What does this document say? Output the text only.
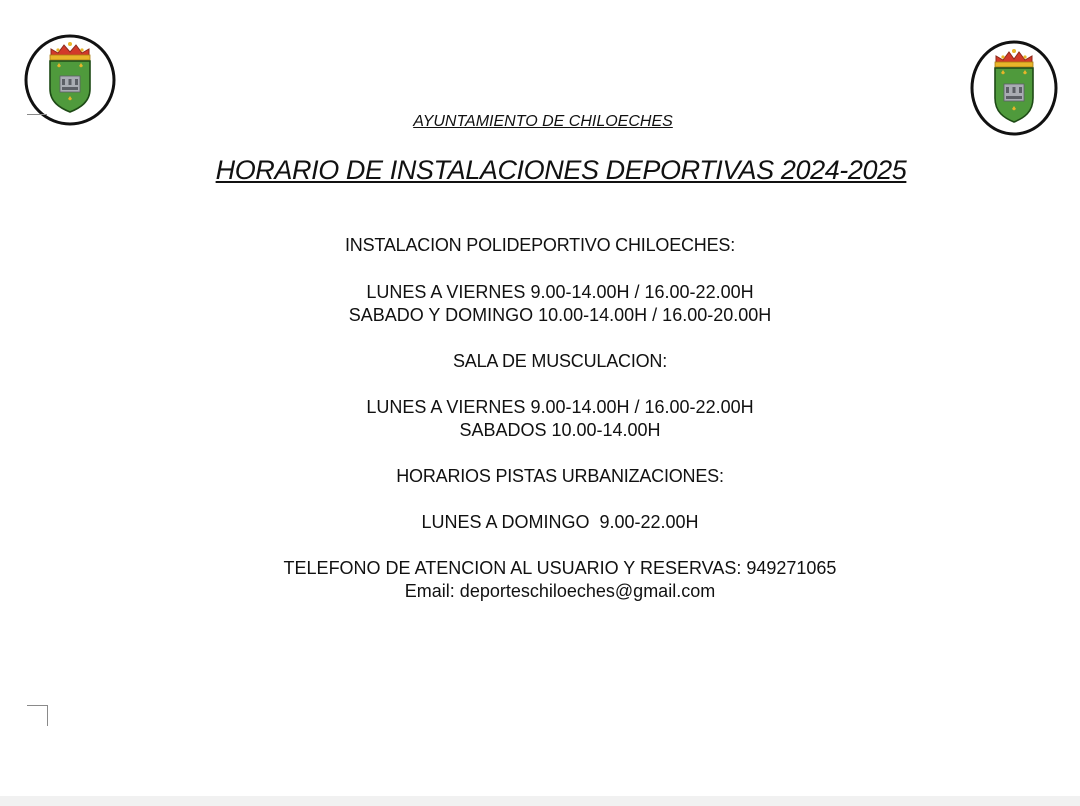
AYUNTAMIENTO DE CHILOECHES
HORARIO DE INSTALACIONES DEPORTIVAS 2024-2025
INSTALACION POLIDEPORTIVO CHILOECHES:
LUNES A VIERNES 9.00-14.00H / 16.00-22.00H
SABADO Y DOMINGO 10.00-14.00H / 16.00-20.00H
SALA DE MUSCULACION:
LUNES A VIERNES 9.00-14.00H / 16.00-22.00H
SABADOS 10.00-14.00H
HORARIOS PISTAS URBANIZACIONES:
LUNES A DOMINGO  9.00-22.00H
TELEFONO DE ATENCION AL USUARIO Y RESERVAS: 949271065
Email: deporteschiloeches@gmail.com
